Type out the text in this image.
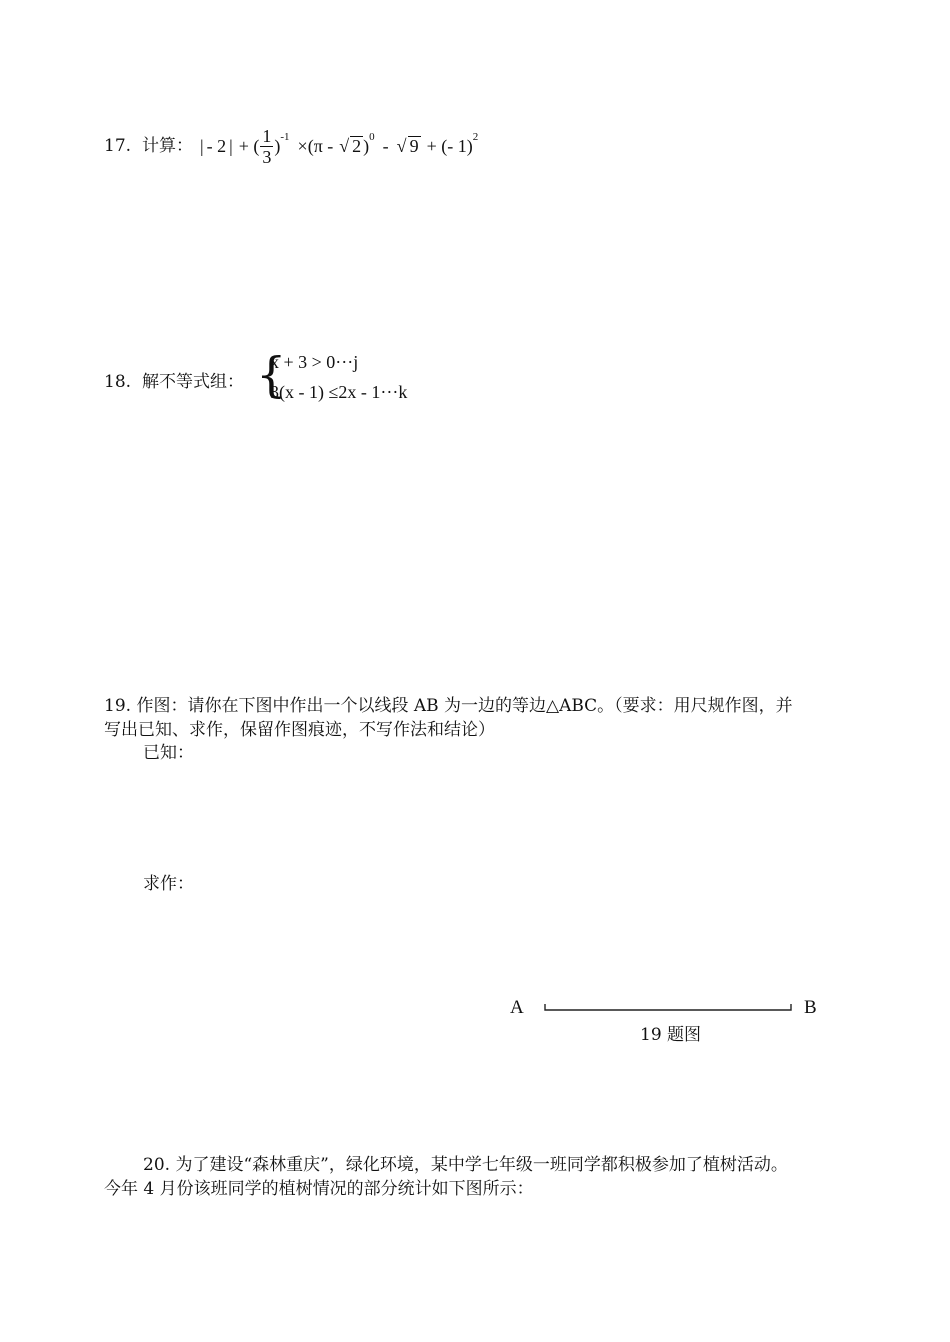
17. 计算： | - 2 | + ( $\frac{1}{3}$ ) -1 ×(π - √ 2 ) 0 - √ 9 + (- 1) 2
18. 解不等式组： {
x + 3 > 0···j
3(x - 1) ≤2x - 1···k
19. 作图：请你在下图中作出一个以线段 AB 为一边的等边△ABC。（要求：用尺规作图，并
写出已知、求作，保留作图痕迹，不写作法和结论）
已知：
求作：
A	B
19 题图
20. 为了建设“森林重庆”，绿化环境，某中学七年级一班同学都积极参加了植树活动。
今年 4 月份该班同学的植树情况的部分统计如下图所示：
